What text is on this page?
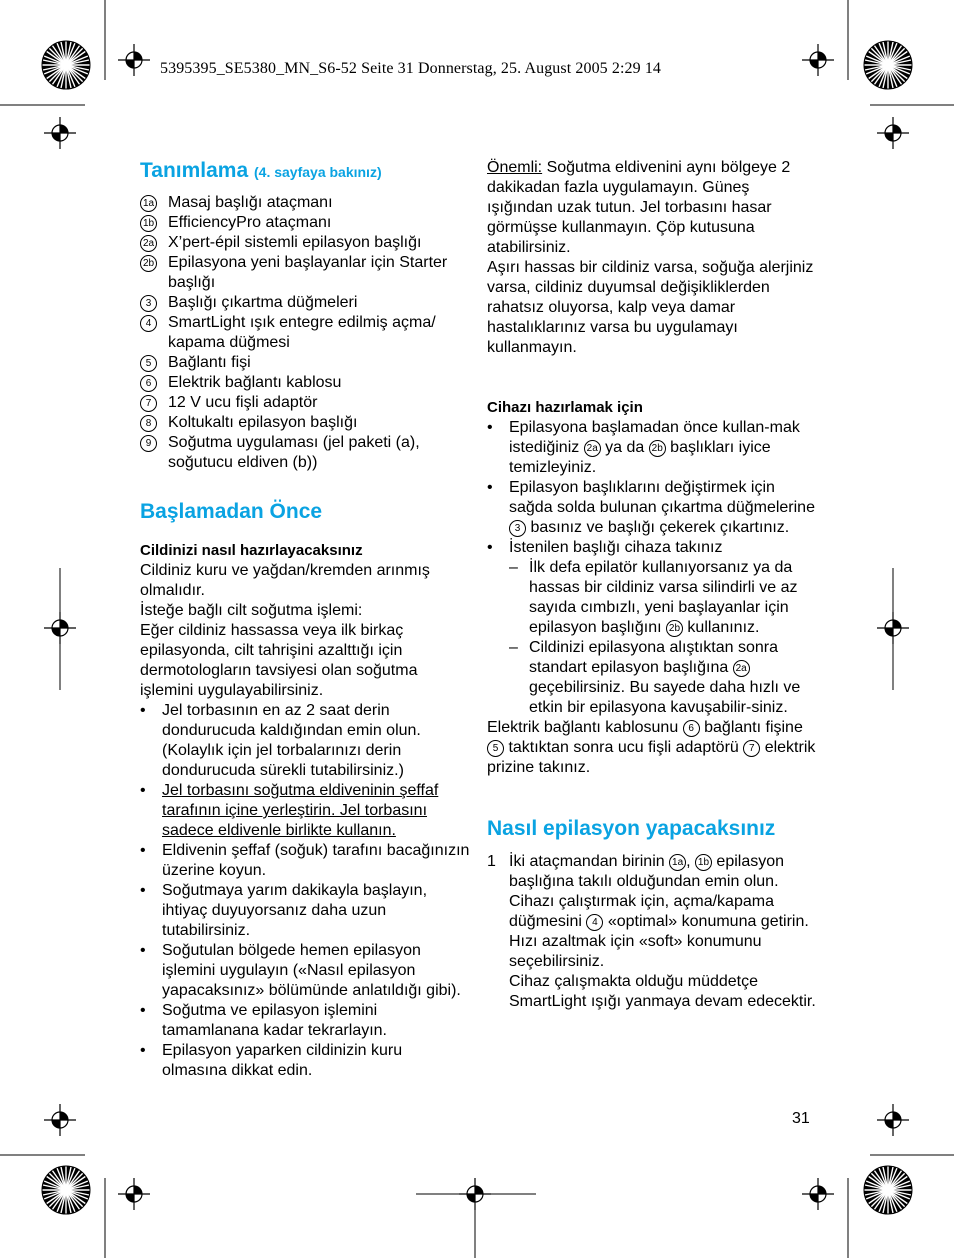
5395395_SE5380_MN_S6-52 Seite 31 Donnerstag, 25. August 2005 2:29 14
Tanımlama (4. sayfaya bakınız)
1a Masaj başlığı ataçmanı
1b EfficiencyPro ataçmanı
2a X’pert-épil sistemli epilasyon başlığı
2b Epilasyona yeni başlayanlar için Starter başlığı
3	Başlığı çıkartma düğmeleri
4	SmartLight ışık entegre edilmiş açma/ kapama düğmesi
5	Bağlantı fişi
6	Elektrik bağlantı kablosu
7	12 V ucu fişli adaptör
8	Koltukaltı epilasyon başlığı
9	Soğutma uygulaması (jel paketi (a), soğutucu eldiven (b))
Başlamadan Önce

Cildinizi nasıl hazırlayacaksınız

Cildiniz kuru ve yağdan/kremden arınmış olmalıdır.

İsteğe bağlı cilt soğutma işlemi:

Eğer cildiniz hassassa veya ilk birkaç epilasyonda, cilt tahrişini azalttığı için dermotologların tavsiyesi olan soğutma işlemini uygulayabilirsiniz.

•	Jel torbasının en az 2 saat derin dondurucuda kaldığından emin olun. (Kolaylık için jel torbalarınızı derin dondurucuda sürekli tutabilirsiniz.)
•	Jel torbasını soğutma eldiveninin şeffaf tarafının içine yerleştirin. Jel torbasını sadece eldivenle birlikte kullanın.
•	Eldivenin şeffaf (soğuk) tarafını bacağınızın üzerine koyun.
•	Soğutmaya yarım dakikayla başlayın, ihtiyaç duyuyorsanız daha uzun tutabilirsiniz.
•	Soğutulan bölgede hemen epilasyon işlemini uygulayın («Nasıl epilasyon yapacaksınız» bölümünde anlatıldığı gibi).
•	Soğutma ve epilasyon işlemini tamamlanana kadar tekrarlayın.
•	Epilasyon yaparken cildinizin kuru olmasına dikkat edin.

Önemli: Soğutma eldivenini aynı bölgeye 2 dakikadan fazla uygulamayın. Güneş ışığından uzak tutun. Jel torbasını hasar görmüşse kullanmayın. Çöp kutusuna atabilirsiniz.

Aşırı hassas bir cildiniz varsa, soğuğa alerjiniz varsa, cildiniz duyumsal değişikliklerden rahatsız oluyorsa, kalp veya damar hastalıklarınız varsa bu uygulamayı kullanmayın.

Cihazı hazırlamak için

•	Epilasyona başlamadan önce kullan-mak istediğiniz 2a ya da 2b başlıkları iyice temizleyiniz.
•	Epilasyon başlıklarını değiştirmek için sağda solda bulunan çıkartma düğmelerine 3 basınız ve başlığı çekerek çıkartınız.
•	İstenilen başlığı cihaza takınız
– İlk defa epilatör kullanıyorsanız ya da hassas bir cildiniz varsa silindirli ve az sayıda cımbızlı, yeni başlayanlar için epilasyon başlığını 2b kullanınız.
– Cildinizi epilasyona alıştıktan sonra standart epilasyon başlığına 2a geçebilirsiniz. Bu sayede daha hızlı ve etkin bir epilasyona kavuşabilir-siniz.

Elektrik bağlantı kablosunu 6 bağlantı fişine 5 taktıktan sonra ucu fişli adaptörü 7 elektrik prizine takınız.

Nasıl epilasyon yapacaksınız
1 İki ataçmandan birinin 1a , 1b epilasyon başlığına takılı olduğundan emin olun. Cihazı çalıştırmak için, açma/kapama düğmesini 4 «optimal» konumuna getirin. Hızı azaltmak için «soft» konumunu seçebilirsiniz.
Cihaz çalışmakta olduğu müddetçe SmartLight ışığı yanmaya devam edecektir.
31
